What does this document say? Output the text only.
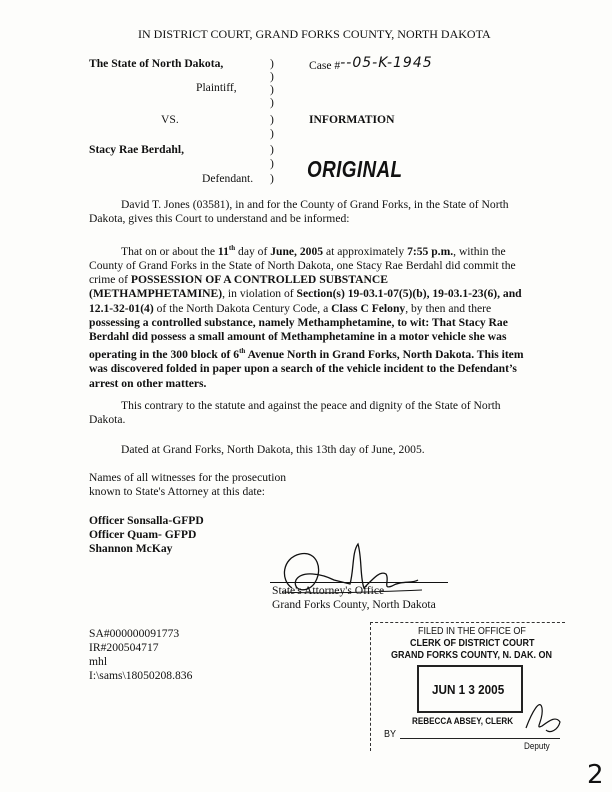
IN DISTRICT COURT, GRAND FORKS COUNTY, NORTH DAKOTA
The State of North Dakota,
Plaintiff,
VS.
Stacy Rae Berdahl,
Defendant.
)
)
)
)
)
)
)
)
)
Case #--05-K-1945
INFORMATION
ORIGINAL
David T. Jones (03581), in and for the County of Grand Forks, in the State of North Dakota, gives this Court to understand and be informed:
That on or about the 11th day of June, 2005 at approximately 7:55 p.m., within the County of Grand Forks in the State of North Dakota, one Stacy Rae Berdahl did commit the crime of POSSESSION OF A CONTROLLED SUBSTANCE (METHAMPHETAMINE), in violation of Section(s) 19-03.1-07(5)(b), 19-03.1-23(6), and 12.1-32-01(4) of the North Dakota Century Code, a Class C Felony, by then and there possessing a controlled substance, namely Methamphetamine, to wit: That Stacy Rae Berdahl did possess a small amount of Methamphetamine in a motor vehicle she was operating in the 300 block of 6th Avenue North in Grand Forks, North Dakota. This item was discovered folded in paper upon a search of the vehicle incident to the Defendant’s arrest on other matters.
This contrary to the statute and against the peace and dignity of the State of North Dakota.
Dated at Grand Forks, North Dakota, this 13th day of June, 2005.
Names of all witnesses for the prosecution known to State's Attorney at this date:
Officer Sonsalla-GFPD
Officer Quam- GFPD
Shannon McKay
State's Attorney's Office
Grand Forks County, North Dakota
SA#000000091773
IR#200504717
mhl
I:\sams\18050208.836
FILED IN THE OFFICE OF
CLERK OF DISTRICT COURT
GRAND FORKS COUNTY, N. DAK. ON
JUN 1 3 2005
REBECCA ABSEY, CLERK
BY
Deputy
2
